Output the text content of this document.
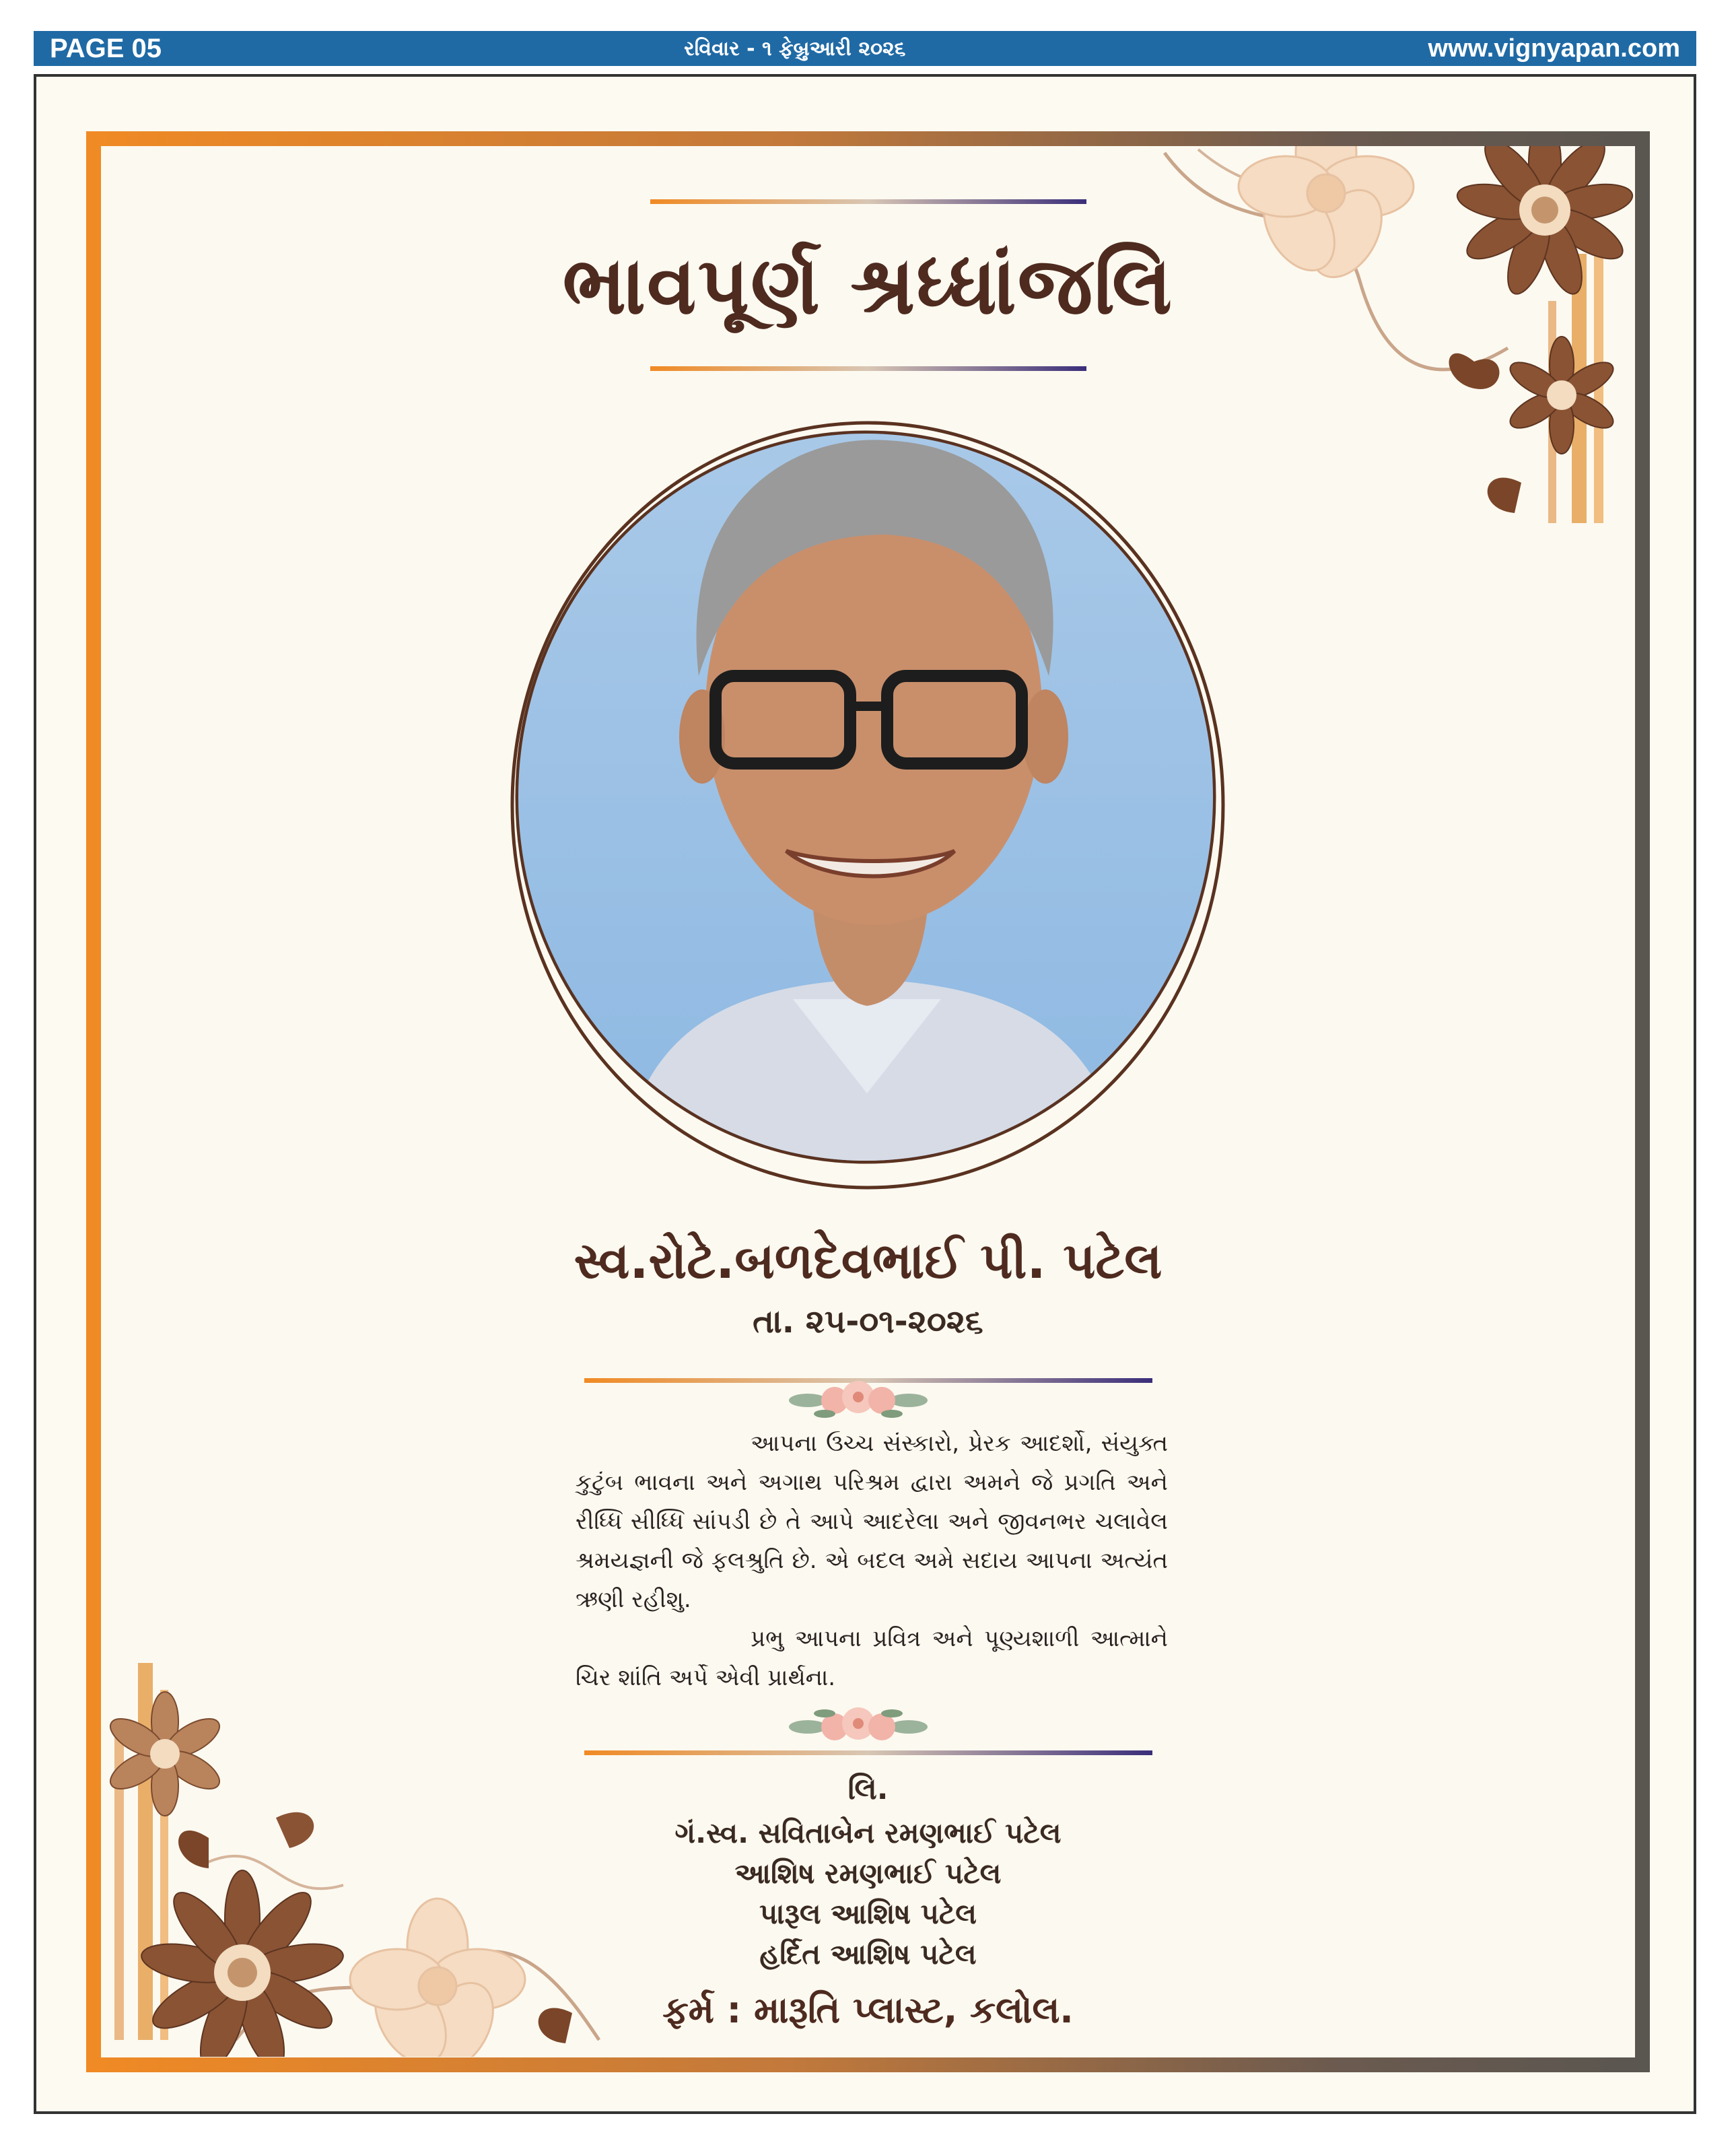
PAGE 05	રવિવાર - ૧ ફેબ્રુઆરી ૨૦૨૬	www.vignyapan.com
ભાવપૂર્ણ શ્રધ્ધાંજલિ
સ્વ.રોટે.બળદેવભાઈ પી. પટેલ
તા. ૨૫-૦૧-૨૦૨૬

આપના ઉચ્ચ સંસ્કારો, પ્રેરક આદર્શો, સંયુક્ત કુટુંબ ભાવના અને અગાથ પરિશ્રમ દ્વારા અમને જે પ્રગતિ અને રીધ્ધિ સીધ્ધિ સાંપડી છે તે આપે આદરેલા અને જીવનભર ચલાવેલ શ્રમયજ્ઞની જે ફલશ્રુતિ છે. એ બદલ અમે સદાય આપના અત્યંત ઋણી રહીશુ.

પ્રભુ આપના પ્રવિત્ર અને પૂણ્યશાળી આત્માને ચિર શાંતિ અર્પે એવી પ્રાર્થના.

લિ.
ગં.સ્વ. સવિતાબેન રમણભાઈ પટેલ
આશિષ રમણભાઈ પટેલ
પારૂલ આશિષ પટેલ
હર્દિત આશિષ પટેલ
ફર્મ : મારૂતિ પ્લાસ્ટ, કલોલ.
